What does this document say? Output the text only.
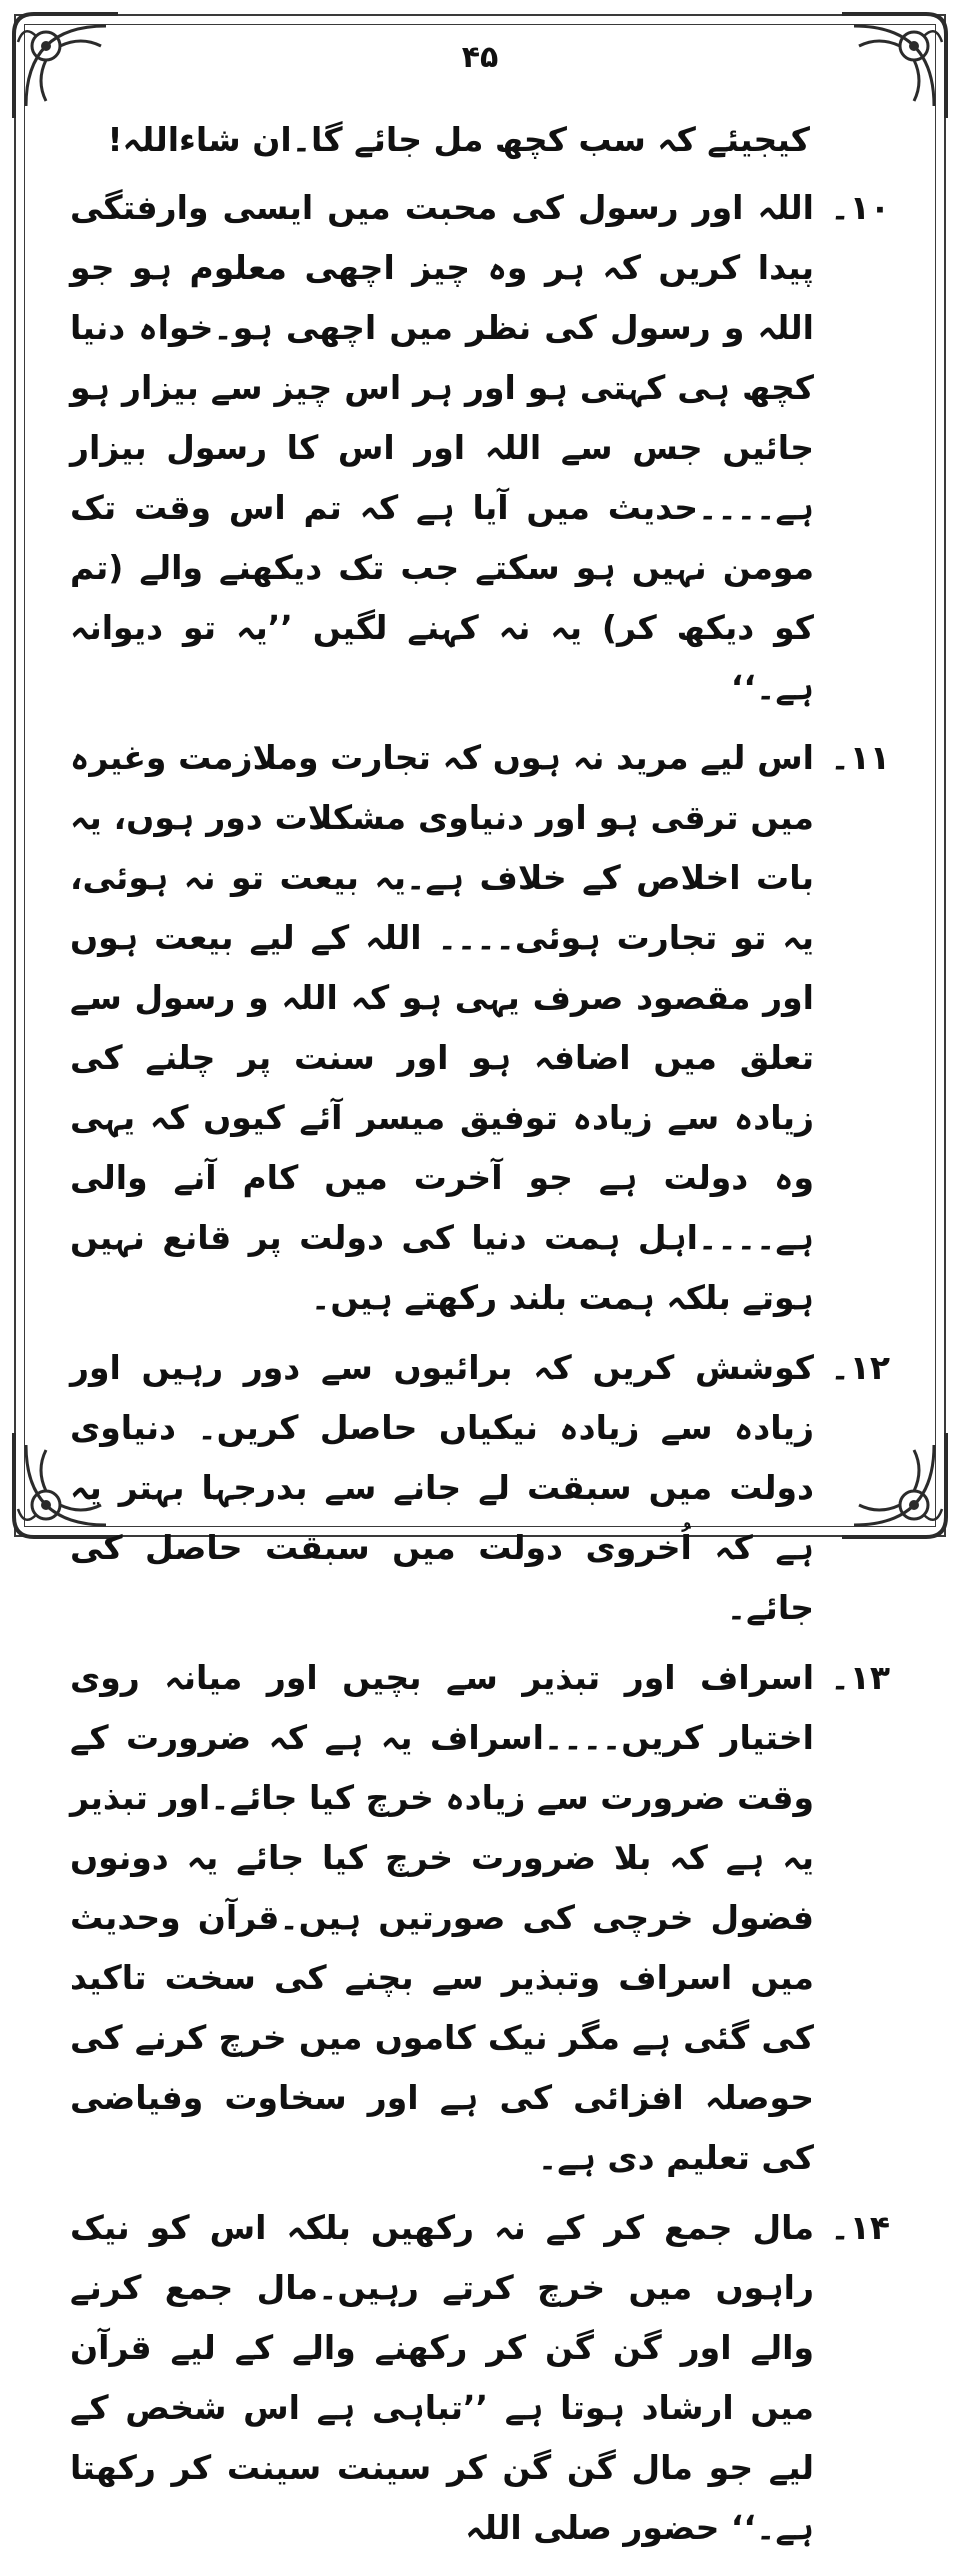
۴۵

کیجیئے کہ سب کچھ مل جائے گا۔ان شاءاللہ!

۱۰۔
اللہ اور رسول کی محبت میں ایسی وارفتگی پیدا کریں کہ ہر وہ چیز اچھی معلوم ہو جو اللہ و رسول کی نظر میں اچھی ہو۔خواہ دنیا کچھ ہی کہتی ہو اور ہر اس چیز سے بیزار ہو جائیں جس سے اللہ اور اس کا رسول بیزار ہے۔۔۔۔حدیث میں آیا ہے کہ تم اس وقت تک مومن نہیں ہو سکتے جب تک دیکھنے والے (تم کو دیکھ کر) یہ نہ کہنے لگیں ’’یہ تو دیوانہ ہے۔‘‘
۱۱۔
اس لیے مرید نہ ہوں کہ تجارت وملازمت وغیرہ میں ترقی ہو اور دنیاوی مشکلات دور ہوں، یہ بات اخلاص کے خلاف ہے۔یہ بیعت تو نہ ہوئی، یہ تو تجارت ہوئی۔۔۔۔ اللہ کے لیے بیعت ہوں اور مقصود صرف یہی ہو کہ اللہ و رسول سے تعلق میں اضافہ ہو اور سنت پر چلنے کی زیادہ سے زیادہ توفیق میسر آئے کیوں کہ یہی وہ دولت ہے جو آخرت میں کام آنے والی ہے۔۔۔۔اہل ہمت دنیا کی دولت پر قانع نہیں ہوتے بلکہ ہمت بلند رکھتے ہیں۔
۱۲۔
کوشش کریں کہ برائیوں سے دور رہیں اور زیادہ سے زیادہ نیکیاں حاصل کریں۔ دنیاوی دولت میں سبقت لے جانے سے بدرجہا بہتر یہ ہے کہ اُخروی دولت میں سبقت حاصل کی جائے۔
۱۳۔
اسراف اور تبذیر سے بچیں اور میانہ روی اختیار کریں۔۔۔۔اسراف یہ ہے کہ ضرورت کے وقت ضرورت سے زیادہ خرچ کیا جائے۔اور تبذیر یہ ہے کہ بلا ضرورت خرچ کیا جائے یہ دونوں فضول خرچی کی صورتیں ہیں۔قرآن وحدیث میں اسراف وتبذیر سے بچنے کی سخت تاکید کی گئی ہے مگر نیک کاموں میں خرچ کرنے کی حوصلہ افزائی کی ہے اور سخاوت وفیاضی کی تعلیم دی ہے۔
۱۴۔
مال جمع کر کے نہ رکھیں بلکہ اس کو نیک راہوں میں خرچ کرتے رہیں۔مال جمع کرنے والے اور گن گن کر رکھنے والے کے لیے قرآن میں ارشاد ہوتا ہے ’’تباہی ہے اس شخص کے لیے جو مال گن گن کر سینت سینت کر رکھتا ہے۔‘‘ حضور صلی اللہ
